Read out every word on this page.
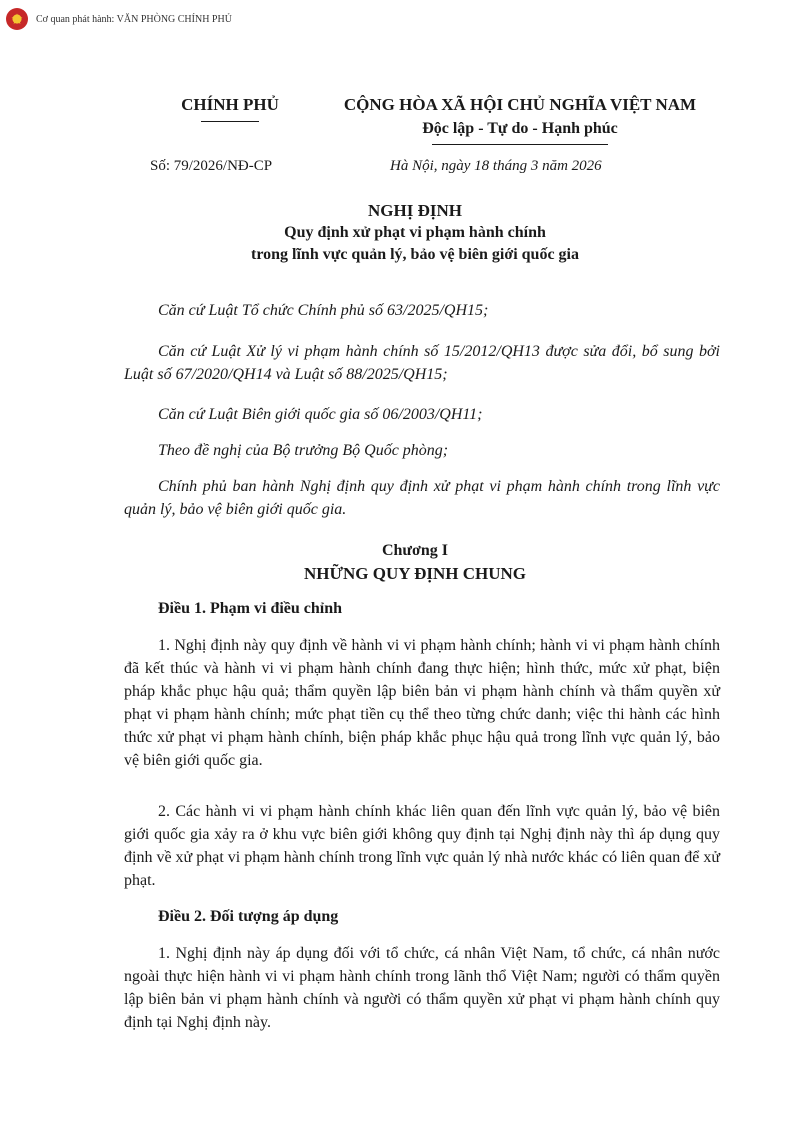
Cơ quan phát hành: VĂN PHÒNG CHÍNH PHỦ
CHÍNH PHỦ	CỘNG HÒA XÃ HỘI CHỦ NGHĨA VIỆT NAM
Độc lập - Tự do - Hạnh phúc
Số: 79/2026/NĐ-CP	Hà Nội, ngày 18 tháng 3 năm 2026
NGHỊ ĐỊNH
Quy định xử phạt vi phạm hành chính
trong lĩnh vực quản lý, bảo vệ biên giới quốc gia
Căn cứ Luật Tổ chức Chính phủ số 63/2025/QH15;
Căn cứ Luật Xử lý vi phạm hành chính số 15/2012/QH13 được sửa đổi, bổ sung bởi Luật số 67/2020/QH14 và Luật số 88/2025/QH15;
Căn cứ Luật Biên giới quốc gia số 06/2003/QH11;
Theo đề nghị của Bộ trưởng Bộ Quốc phòng;
Chính phủ ban hành Nghị định quy định xử phạt vi phạm hành chính trong lĩnh vực quản lý, bảo vệ biên giới quốc gia.
Chương I
NHỮNG QUY ĐỊNH CHUNG
Điều 1. Phạm vi điều chỉnh
1. Nghị định này quy định về hành vi vi phạm hành chính; hành vi vi phạm hành chính đã kết thúc và hành vi vi phạm hành chính đang thực hiện; hình thức, mức xử phạt, biện pháp khắc phục hậu quả; thẩm quyền lập biên bản vi phạm hành chính và thẩm quyền xử phạt vi phạm hành chính; mức phạt tiền cụ thể theo từng chức danh; việc thi hành các hình thức xử phạt vi phạm hành chính, biện pháp khắc phục hậu quả trong lĩnh vực quản lý, bảo vệ biên giới quốc gia.
2. Các hành vi vi phạm hành chính khác liên quan đến lĩnh vực quản lý, bảo vệ biên giới quốc gia xảy ra ở khu vực biên giới không quy định tại Nghị định này thì áp dụng quy định về xử phạt vi phạm hành chính trong lĩnh vực quản lý nhà nước khác có liên quan để xử phạt.
Điều 2. Đối tượng áp dụng
1. Nghị định này áp dụng đối với tổ chức, cá nhân Việt Nam, tổ chức, cá nhân nước ngoài thực hiện hành vi vi phạm hành chính trong lãnh thổ Việt Nam; người có thẩm quyền lập biên bản vi phạm hành chính và người có thẩm quyền xử phạt vi phạm hành chính quy định tại Nghị định này.
